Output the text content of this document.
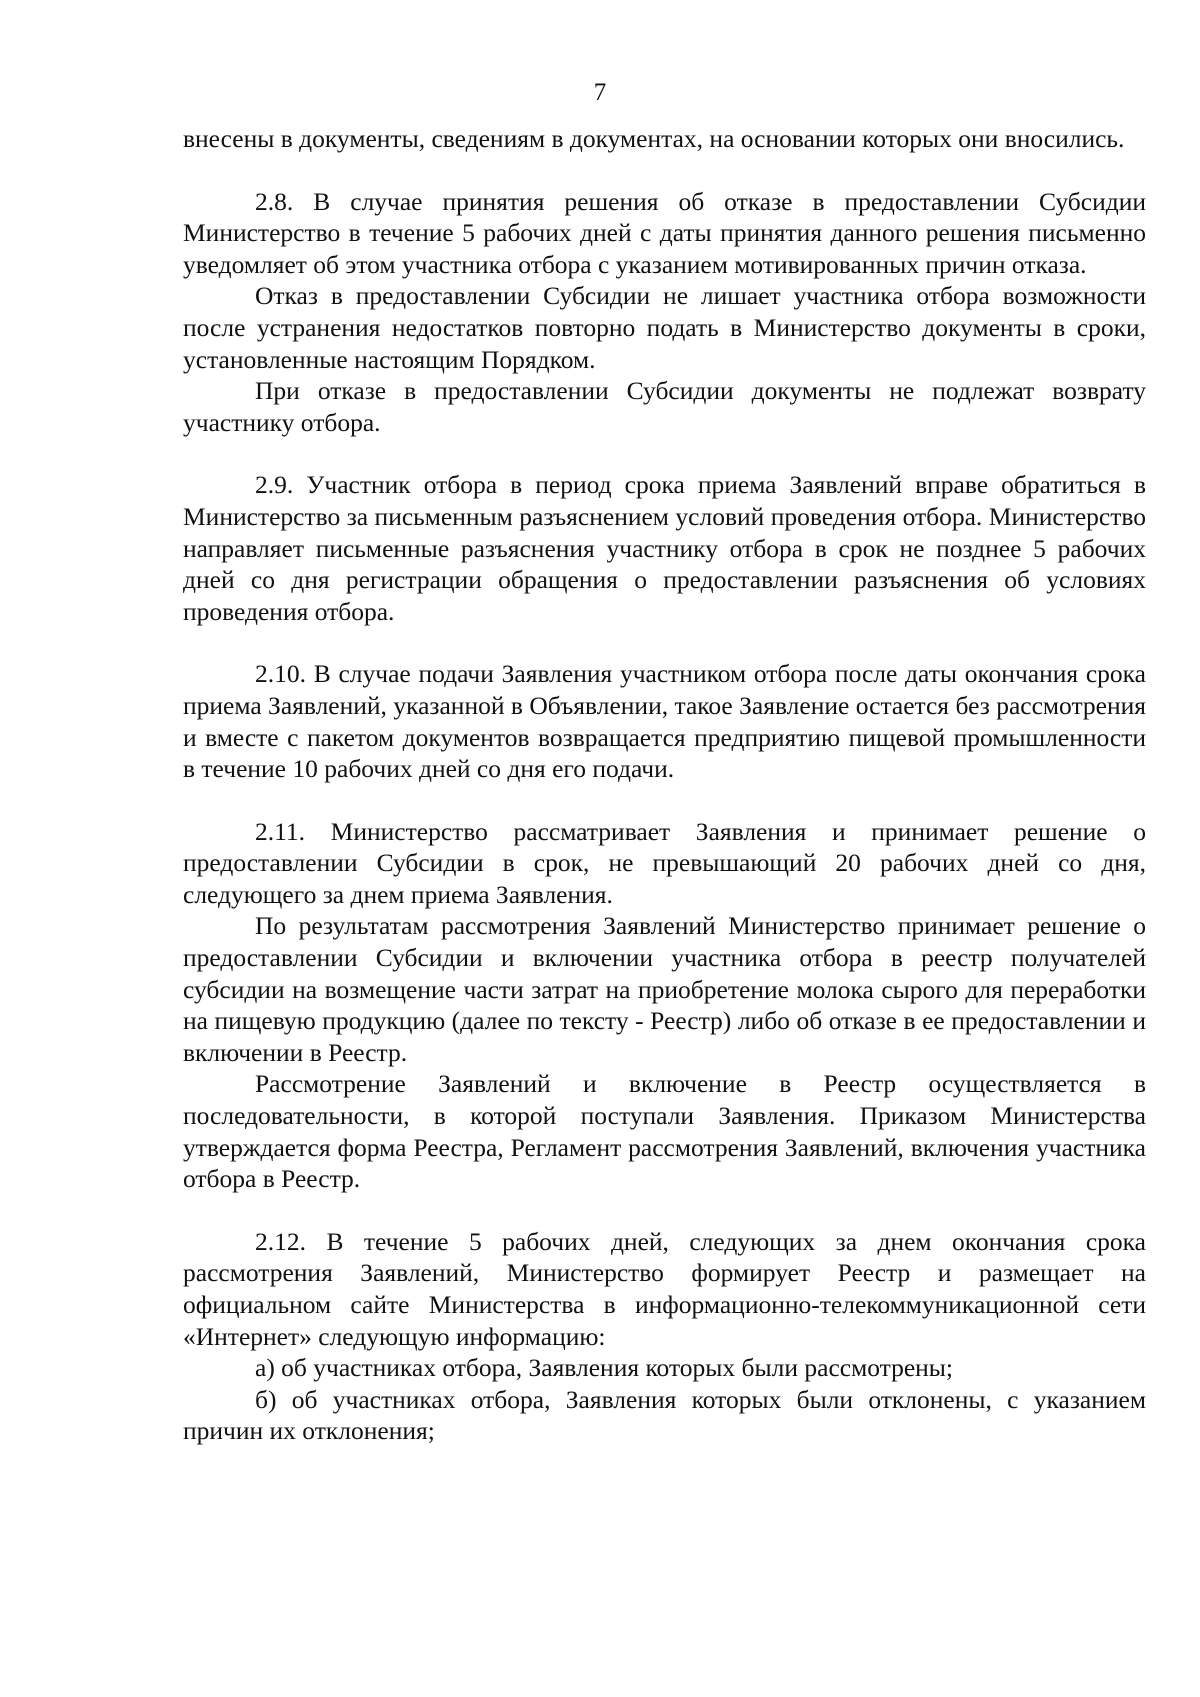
7

внесены в документы, сведениям в документах, на основании которых они вносились.

2.8. В случае принятия решения об отказе в предоставлении Субсидии Министерство в течение 5 рабочих дней с даты принятия данного решения письменно уведомляет об этом участника отбора с указанием мотивированных причин отказа.

Отказ в предоставлении Субсидии не лишает участника отбора возможности после устранения недостатков повторно подать в Министерство документы в сроки, установленные настоящим Порядком.

При отказе в предоставлении Субсидии документы не подлежат возврату участнику отбора.

2.9. Участник отбора в период срока приема Заявлений вправе обратиться в Министерство за письменным разъяснением условий проведения отбора. Министерство направляет письменные разъяснения участнику отбора в срок не позднее 5 рабочих дней со дня регистрации обращения о предоставлении разъяснения об условиях проведения отбора.

2.10. В случае подачи Заявления участником отбора после даты окончания срока приема Заявлений, указанной в Объявлении, такое Заявление остается без рассмотрения и вместе с пакетом документов возвращается предприятию пищевой промышленности в течение 10 рабочих дней со дня его подачи.

2.11. Министерство рассматривает Заявления и принимает решение о предоставлении Субсидии в срок, не превышающий 20 рабочих дней со дня, следующего за днем приема Заявления.

По результатам рассмотрения Заявлений Министерство принимает решение о предоставлении Субсидии и включении участника отбора в реестр получателей субсидии на возмещение части затрат на приобретение молока сырого для переработки на пищевую продукцию (далее по тексту - Реестр) либо об отказе в ее предоставлении и включении в Реестр.

Рассмотрение Заявлений и включение в Реестр осуществляется в последовательности, в которой поступали Заявления. Приказом Министерства утверждается форма Реестра, Регламент рассмотрения Заявлений, включения участника отбора в Реестр.

2.12. В течение 5 рабочих дней, следующих за днем окончания срока рассмотрения Заявлений, Министерство формирует Реестр и размещает на официальном сайте Министерства в информационно-телекоммуникационной сети «Интернет» следующую информацию:

а) об участниках отбора, Заявления которых были рассмотрены;

б) об участниках отбора, Заявления которых были отклонены, с указанием причин их отклонения;
